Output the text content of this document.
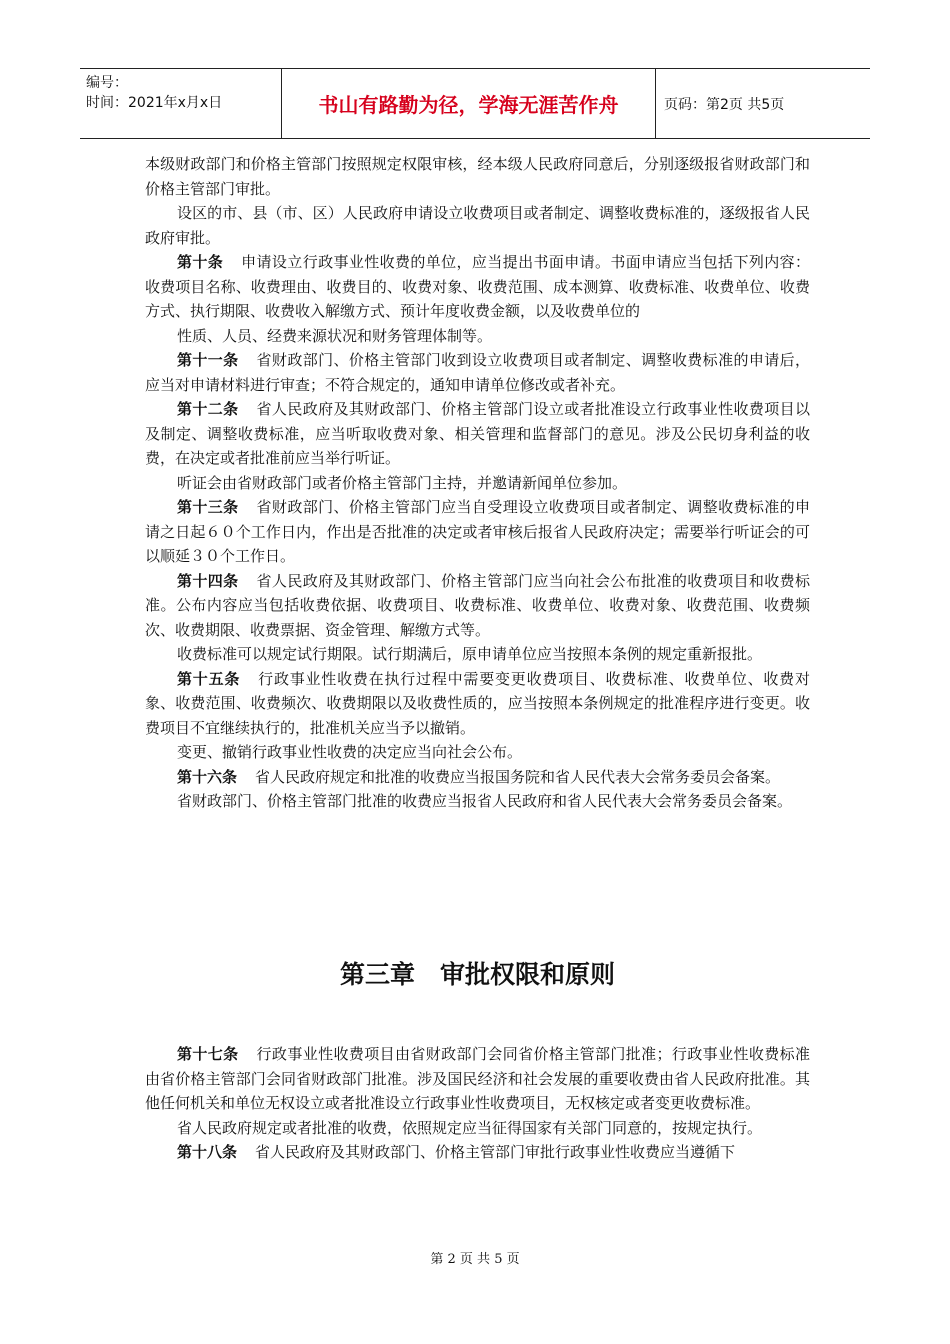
编号：
时间：2021年x月x日	书山有路勤为径，学海无涯苦作舟	页码：第2页 共5页

本级财政部门和价格主管部门按照规定权限审核，经本级人民政府同意后，分别逐级报省财政部门和价格主管部门审批。

设区的市、县（市、区）人民政府申请设立收费项目或者制定、调整收费标准的，逐级报省人民政府审批。

第十条 申请设立行政事业性收费的单位，应当提出书面申请。书面申请应当包括下列内容：收费项目名称、收费理由、收费目的、收费对象、收费范围、成本测算、收费标准、收费单位、收费方式、执行期限、收费收入解缴方式、预计年度收费金额，以及收费单位的

性质、人员、经费来源状况和财务管理体制等。

第十一条 省财政部门、价格主管部门收到设立收费项目或者制定、调整收费标准的申请后，应当对申请材料进行审查；不符合规定的，通知申请单位修改或者补充。

第十二条 省人民政府及其财政部门、价格主管部门设立或者批准设立行政事业性收费项目以及制定、调整收费标准，应当听取收费对象、相关管理和监督部门的意见。涉及公民切身利益的收费，在决定或者批准前应当举行听证。

听证会由省财政部门或者价格主管部门主持，并邀请新闻单位参加。

第十三条 省财政部门、价格主管部门应当自受理设立收费项目或者制定、调整收费标准的申请之日起６０个工作日内，作出是否批准的决定或者审核后报省人民政府决定；需要举行听证会的可以顺延３０个工作日。

第十四条 省人民政府及其财政部门、价格主管部门应当向社会公布批准的收费项目和收费标准。公布内容应当包括收费依据、收费项目、收费标准、收费单位、收费对象、收费范围、收费频次、收费期限、收费票据、资金管理、解缴方式等。

收费标准可以规定试行期限。试行期满后，原申请单位应当按照本条例的规定重新报批。

第十五条 行政事业性收费在执行过程中需要变更收费项目、收费标准、收费单位、收费对象、收费范围、收费频次、收费期限以及收费性质的，应当按照本条例规定的批准程序进行变更。收费项目不宜继续执行的，批准机关应当予以撤销。

变更、撤销行政事业性收费的决定应当向社会公布。

第十六条 省人民政府规定和批准的收费应当报国务院和省人民代表大会常务委员会备案。

省财政部门、价格主管部门批准的收费应当报省人民政府和省人民代表大会常务委员会备案。

第三章　审批权限和原则

第十七条 行政事业性收费项目由省财政部门会同省价格主管部门批准；行政事业性收费标准由省价格主管部门会同省财政部门批准。涉及国民经济和社会发展的重要收费由省人民政府批准。其他任何机关和单位无权设立或者批准设立行政事业性收费项目，无权核定或者变更收费标准。

省人民政府规定或者批准的收费，依照规定应当征得国家有关部门同意的，按规定执行。

第十八条 省人民政府及其财政部门、价格主管部门审批行政事业性收费应当遵循下

第 2 页 共 5 页
